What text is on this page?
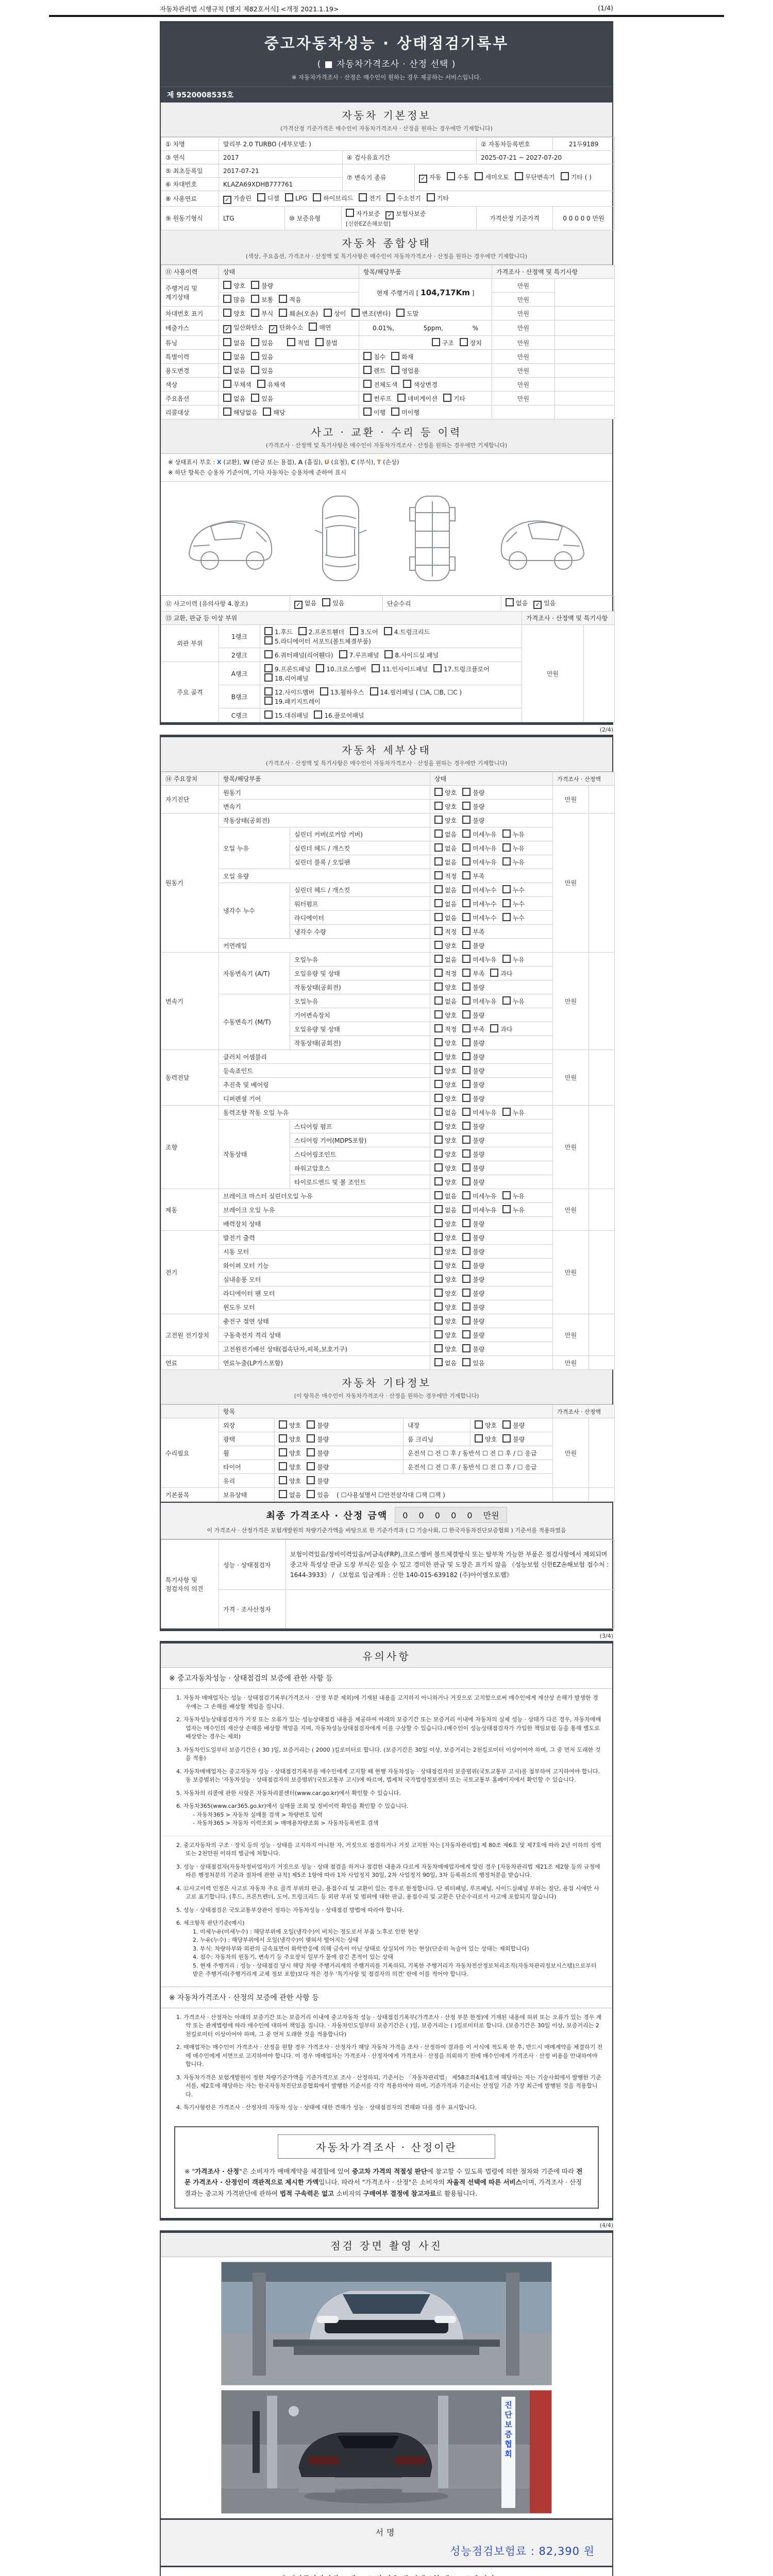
자동차관리법 시행규칙 [별지 제82호서식] <개정 2021.1.19>	(1/4)
중고자동차성능 · 상태점검기록부
( ■ 자동차가격조사 · 산정 선택 )
※ 자동차가격조사 · 산정은 매수인이 원하는 경우 제공하는 서비스입니다.
제 9520008535호
자동차 기본정보
(가격산정 기준가격은 매수인이 자동차가격조사 · 산정을 원하는 경우에만 기재합니다)
① 차명	말리부 2.0 TURBO (세부모델: )			② 자동차등록번호	21두9189
③ 연식	2017	④ 검사유효기간		2025-07-21 ~ 2027-07-20	
⑤ 최초등록일	2017-07-21	⑦ 변속기 종류	✓ 자동 수동 세미오토 무단변속기 기타 ( )		
⑥ 차대번호	KLAZA69XDHB777761				
⑧ 사용연료	✓ 가솔린 디젤 LPG 하이브리드 전기 수소전기 기타				
⑨ 원동기형식	LTG	⑩ 보증유형	자가보증 ✓ 보험사보증 [신한EZ손해보험]	가격산정 기준가격	0 0 0 0 0 만원
자동차 종합상태
(색상, 주요옵션, 가격조사 · 산정액 및 특기사항은 매수인이 자동차가격조사 · 산정을 원하는 경우에만 기재합니다)
⑪ 사용이력	상태	항목/해당부품	가격조사 · 산정액 및 특기사항	
주행거리 및 계기상태	양호 불량	현재 주행거리 [ 104,717Km ]	만원	
	많음 보통 적음		만원	
차대번호 표기	양호 부식 훼손(오손) 상이 변조(변타) 도말		만원	
배출가스	✓ 일산화탄소 ✓ 탄화수소 매연	0.01%, 5ppm, %	만원	
튜닝	없음 있음 적법 불법	구조 장치	만원	
특별이력	없음 있음	침수 화재	만원	
용도변경	없음 있음	렌트 영업용	만원	
색상	무채색 유채색	전체도색 색상변경	만원	
주요옵션	없음 있음	썬루프 네비게이션 기타	만원	
리콜대상	해당없음 해당	이행 미이행		
사고 · 교환 · 수리 등 이력
(가격조사 · 산정액 및 특기사항은 매수인이 자동차가격조사 · 산정을 원하는 경우에만 기재합니다)
※ 상태표시 부호 : X (교환), W (판금 또는 용접), A (흠집), U (요철), C (부식), T (손상)
※ 하단 항목은 승용차 기준이며, 기타 자동차는 승용차에 준하여 표시
⑫ 사고이력 (유의사항 4.참조)	✓ 없음	있음	단순수리	없음 ✓ 있음
⑬ 교환, 판금 등 이상 부위			가격조사 · 산정액 및 특기사항	
외판 부위	1랭크	1.후드 2.프론트휀더 3.도어 4.트렁크리드5.라디에이터 서포트(볼트체결부품)	만원	
	2랭크	6.쿼터패널(리어휀다) 7.루프패널 8.사이드실 패널		
주요 골격	A랭크	9.프론트패널 10.크로스멤버 11.인사이드패널 17.트렁크플로어18.리어패널		
	B랭크	12.사이드멤버 13.휠하우스 14.필러패널 ( ☐A, ☐B, ☐C )19.패키지트레이		
	C랭크	15.대쉬패널 16.플로어패널		
(2/4)
자동차 세부상태
(가격조사 · 산정액 및 특기사항은 매수인이 자동차가격조사 · 산정을 원하는 경우에만 기재합니다)
⑭ 주요장치	항목/해당부품		상태	가격조사 · 산정액	
자기진단	원동기		양호 불량	만원	
	변속기		양호 불량		
원동기	작동상태(공회전)		양호 불량	만원	
	오일 누유	실린더 커버(로커암 커버)	없음 미세누유 누유		
		실린더 헤드 / 개스킷	없음 미세누유 누유		
		실린더 블록 / 오일팬	없음 미세누유 누유		
	오일 유량		적정 부족		
	냉각수 누수	실린더 헤드 / 개스킷	없음 미세누수 누수		
		워터펌프	없음 미세누수 누수		
		라디에이터	없음 미세누수 누수		
		냉각수 수량	적정 부족		
	커먼레일		양호 불량		
변속기	자동변속기 (A/T)	오일누유	없음 미세누유 누유	만원	
		오일유량 및 상태	적정 부족 과다		
		작동상태(공회전)	양호 불량		
	수동변속기 (M/T)	오일누유	없음 미세누유 누유		
		기어변속장치	양호 불량		
		오일유량 및 상태	적정 부족 과다		
		작동상태(공회전)	양호 불량		
동력전달	클러치 어셈블리		양호 불량	만원	
	등속죠인트		양호 불량		
	추진축 및 베어링		양호 불량		
	디퍼렌셜 기어		양호 불량		
조향	동력조향 작동 오일 누유		없음 미세누유 누유	만원	
	작동상태	스티어링 펌프	양호 불량		
		스티어링 기어(MDPS포함)	양호 불량		
		스티어링조인트	양호 불량		
		파워고압호스	양호 불량		
		타이로드엔드 및 볼 조인트	양호 불량		
제동	브레이크 마스터 실린더오일 누유		없음 미세누유 누유	만원	
	브레이크 오일 누유		없음 미세누유 누유		
	배력장치 상태		양호 불량		
전기	발전기 출력		양호 불량	만원	
	시동 모터		양호 불량		
	와이퍼 모터 기능		양호 불량		
	실내송풍 모터		양호 불량		
	라디에이터 팬 모터		양호 불량		
	윈도우 모터		양호 불량		
고전원 전기장치	충전구 절연 상태		양호 불량	만원	
	구동축전지 격리 상태		양호 불량		
	고전원전기배선 상태(접속단자,피복,보호기구)		양호 불량		
연료	연료누출(LP가스포함)		없음 있음	만원	
자동차 기타정보
(이 항목은 매수인이 자동차가격조사 · 산정을 원하는 경우에만 기재합니다)
	항목				가격조사 · 산정액	
수리필요	외장	양호 불량	내장	양호 불량	만원	
	광택	양호 불량	룸 크리닝	양호 불량		
	휠	양호 불량	운전석 ☐ 전 ☐ 후 / 동반석 ☐ 전 ☐ 후 / ☐ 응급			
	타이어	양호 불량	운전석 ☐ 전 ☐ 후 / 동반석 ☐ 전 ☐ 후 / ☐ 응급			
	유리	양호 불량				
기본품목	보유상태	없음 있음 ( ☐사용설명서 ☐안전삼각대 ☐잭 ☐잭 )				
최종 가격조사 · 산정 금액	0 0 0 0 0 만원
이 가격조사 · 산정가격은 보험개발원의 차량기준가액을 바탕으로 한 기준가격과 ( ☐ 기술사회, ☐ 한국자동차진단보증협회 ) 기준서를 적용하였음
특기사항 및 점검자의 의견	성능 · 상태점검자	보험이력있음/정비이력있음/비금속(FRP),크로스멤버 볼트체결방식 또는 탈부착 가능한 부품은 점검사항에서 제외되며 중고차 특성상 판금 도장 부식은 있을 수 있고 경미한 판금 및 도장은 표기치 않음 《성능보험 신한EZ손해보험 접수처 : 1644-3933》 / 《보험료 입금계좌 : 신한 140-015-639182 (주)아이엠오토랩》
	가격 · 조사산정자	
(3/4)
유의사항
※ 중고자동차성능 · 상태점검의 보증에 관한 사항 등
1. 자동차 매매업자는 성능 · 상태점검기록부(가격조사 · 산정 부분 제외)에 기재된 내용을 고지하지 아니하거나 거짓으로 고지함으로써 매수인에게 재산상 손해가 발생한 경우에는 그 손해를 배상할 책임을 집니다.
2. 자동차성능상태점검자가 거짓 또는 오류가 있는 성능상태점검 내용을 제공하여 아래의 보증기간 또는 보증거리 이내에 자동차의 실제 성능 · 상태가 다른 경우, 자동차매매업자는 매수인의 재산상 손해를 배상할 책임을 지며, 자동차성능상태점검자에게 이를 구상할 수 있습니다.(매수인이 성능상태점검자가 가입한 책임보험 등을 통해 별도로 배상받는 경우는 제외)
3. 자동차인도일부터 보증기간은 ( 30 )일, 보증거리는 ( 2000 )킬로미터로 합니다. (보증기간은 30일 이상, 보증거리는 2천킬로미터 이상이어야 하며, 그 중 먼저 도래한 것을 적용)
4. 자동차매매업자는 중고자동차 성능 · 상태점검기록부를 매수인에게 고지할 때 현행 자동차성능 · 상태점검자의 보증범위(국토교통부 고시)를 첨부하여 고지하여야 합니다. 동 보증범위는 '자동차성능 · 상태점검자의 보증범위'(국토교통부 고시)에 따르며, 법제처 국가법령정보센터 또는 국토교통부 홈페이지에서 확인할 수 있습니다.
5. 자동차의 리콜에 관한 사항은 자동차리콜센터(www.car.go.kr)에서 확인할 수 있습니다.
6. 자동차365(www.car365.go.kr)에서 실매물 조회 및 정비이력 확인을 확인할 수 있습니다.
- 자동차365 > 자동차 실매물 검색 > 차량번호 입력
- 자동차365 > 자동차 이력조회 > 매매용차량조회 > 자동차등록번호 검색
2. 중고자동차의 구조 · 장치 등의 성능 · 상태를 고지하지 아니한 자, 거짓으로 점검하거나 거짓 고지한 자는 [자동차관리법] 제 80조 제6호 및 제7호에 따라 2년 이하의 징역 또는 2천만원 이하의 벌금에 처합니다.
3. 성능 · 상태점검자(자동차정비업자)가 거짓으로 성능 · 상태 점검을 하거나 점검한 내용과 다르게 자동차매매업자에게 알린 경우 [자동차관리법 제21조 제2항 등의 규정에 따른 행정처분의 기준과 절차에 관한 규칙] 제5조 1항에 따라 1차 사업정지 30일, 2차 사업정지 90일, 3차 등록취소의 행정처분을 받습니다.
4. ⑫사고이력 인정은 사고로 자동차 주요 골격 부위의 판금, 용접수리 및 교환이 있는 경우로 한정합니다. 단 쿼터패널, 루프패널, 사이드실패널 부위는 절단, 용접 시에만 사고로 표기합니다. (후드, 프론트펜더, 도어, 트렁크리드 등 외판 부위 및 범퍼에 대한 판금, 용접수리 및 교환은 단순수리로서 사고에 포함되지 않습니다)
5. 성능 · 상태점검은 국토교통부장관이 정하는 자동차성능 · 상태점검 방법에 따라야 합니다.
6. 체크항목 판단기준(예시)
1. 미세누유(미세누수) : 해당부위에 오일(냉각수)이 비치는 정도로서 부품 노후로 인한 현상
2. 누유(누수) : 해당부위에서 오일(냉각수)이 맺혀서 떨어지는 상태
3. 부식: 차량하부와 외판의 금속표면이 화학반응에 의해 금속이 아닌 상태로 상실되어 가는 현상(단순히 녹슬어 있는 상태는 제외합니다)
4. 침수: 자동차의 원동기, 변속기 등 주요장치 일부가 물에 잠긴 흔적이 있는 상태
5. 현재 주행거리 : 성능 · 상태점검 당시 해당 차량 주행거리계의 주행거리를 기록하되, 기록한 주행거리가 자동차전산정보처리조직(자동차관리정보시스템)으로부터 받은 주행거리(주행거리계 교체 정보 포함)보다 적은 경우 '특기사항 및 점검자의 의견' 란에 이를 적어야 합니다.
※ 자동차가격조사 · 산정의 보증에 관한 사항 등
1. 가격조사 · 산정자는 아래의 보증기간 또는 보증거리 이내에 중고자동차 성능 · 상태점검기록부(가격조사 · 산정 부분 한정)에 기재된 내용에 허위 또는 오류가 있는 경우 계약 또는 관계법령에 따라 매수인에 대하여 책임을 집니다. · 자동차인도일부터 보증기간은 ( )일, 보증거리는 ( )킬로미터로 합니다. (보증기간은 30일 이상, 보증거리는 2천킬로미터 이상이어야 하며, 그 중 먼저 도래한 것을 적용합니다)
2. 매매업자는 매수인이 가격조사 · 산정을 원할 경우 가격조사 · 산정자가 해당 자동차 가격을 조사 · 산정하여 결과를 이 서식에 적도록 한 후, 반드시 매매계약을 체결하기 전에 매수인에게 서면으로 고지하여야 합니다. 이 경우 매매업자는 가격조사 · 산정자에게 가격조사 · 산정을 의뢰하기 전에 매수인에게 가격조사 · 산정 비용을 안내하여야 합니다.
3. 자동차가격은 보험개발원이 정한 차량기준가액을 기준가격으로 조사 · 산정하되, 기준서는 「자동차관리법」 제58조의4제1호에 해당하는 자는 기술사회에서 발행한 기준서를, 제2호에 해당하는 자는 한국자동차진단보증협회에서 발행한 기준서를 각각 적용하여야 하며, 기준가격과 기준서는 산정일 기준 가장 최근에 발행된 것을 적용합니다.
4. 특기사항란은 가격조사 · 산정자의 자동차 성능 · 상태에 대한 견해가 성능 · 상태점검자의 견해와 다를 경우 표시합니다.
자동차가격조사 · 산정이란
※ "가격조사 · 산정"은 소비자가 매매계약을 체결함에 있어 중고차 가격의 적절성 판단에 참고할 수 있도록 법령에 의한 절차와 기준에 따라 전문 가격조사 · 산정인이 객관적으로 제시한 가액입니다. 따라서 "가격조사 · 산정"은 소비자의 자율적 선택에 따른 서비스이며, 가격조사 · 산정 결과는 중고차 가격판단에 관하여 법적 구속력은 없고 소비자의 구매여부 결정에 참고자료로 활용됩니다.
(4/4)
점검 장면 촬영 사진
진단보증협회
서명
성능점검보험료 : 82,390 원
